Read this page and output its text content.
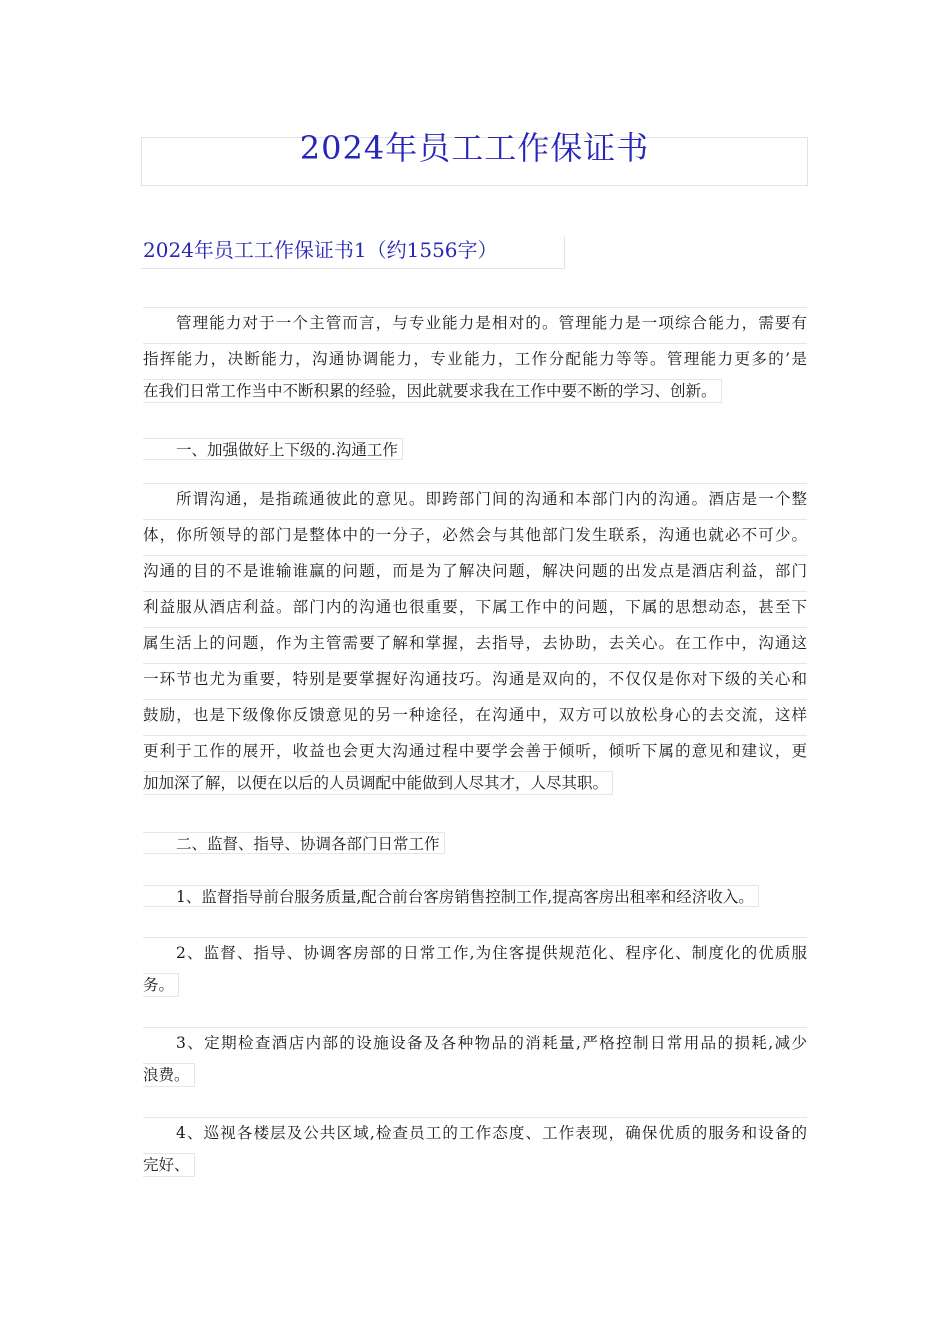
2024年员工工作保证书
2024年员工工作保证书1（约1556字）
管理能力对于一个主管而言，与专业能力是相对的。管理能力是一项综合能力，需要有
指挥能力，决断能力，沟通协调能力，专业能力，工作分配能力等等。管理能力更多的’是
在我们日常工作当中不断积累的经验，因此就要求我在工作中要不断的学习、创新。
一、加强做好上下级的.沟通工作
所谓沟通，是指疏通彼此的意见。即跨部门间的沟通和本部门内的沟通。酒店是一个整
体，你所领导的部门是整体中的一分子，必然会与其他部门发生联系，沟通也就必不可少。
沟通的目的不是谁输谁赢的问题，而是为了解决问题，解决问题的出发点是酒店利益，部门
利益服从酒店利益。部门内的沟通也很重要，下属工作中的问题，下属的思想动态，甚至下
属生活上的问题，作为主管需要了解和掌握，去指导，去协助，去关心。在工作中，沟通这
一环节也尤为重要，特别是要掌握好沟通技巧。沟通是双向的，不仅仅是你对下级的关心和
鼓励，也是下级像你反馈意见的另一种途径，在沟通中，双方可以放松身心的去交流，这样
更利于工作的展开，收益也会更大沟通过程中要学会善于倾听，倾听下属的意见和建议，更
加加深了解，以便在以后的人员调配中能做到人尽其才，人尽其职。
二、监督、指导、协调各部门日常工作
1、监督指导前台服务质量,配合前台客房销售控制工作,提高客房出租率和经济收入。
2、监督、指导、协调客房部的日常工作,为住客提供规范化、程序化、制度化的优质服
务。
3、定期检查酒店内部的设施设备及各种物品的消耗量,严格控制日常用品的损耗,减少
浪费。
4、巡视各楼层及公共区域,检查员工的工作态度、工作表现，确保优质的服务和设备的
完好、
